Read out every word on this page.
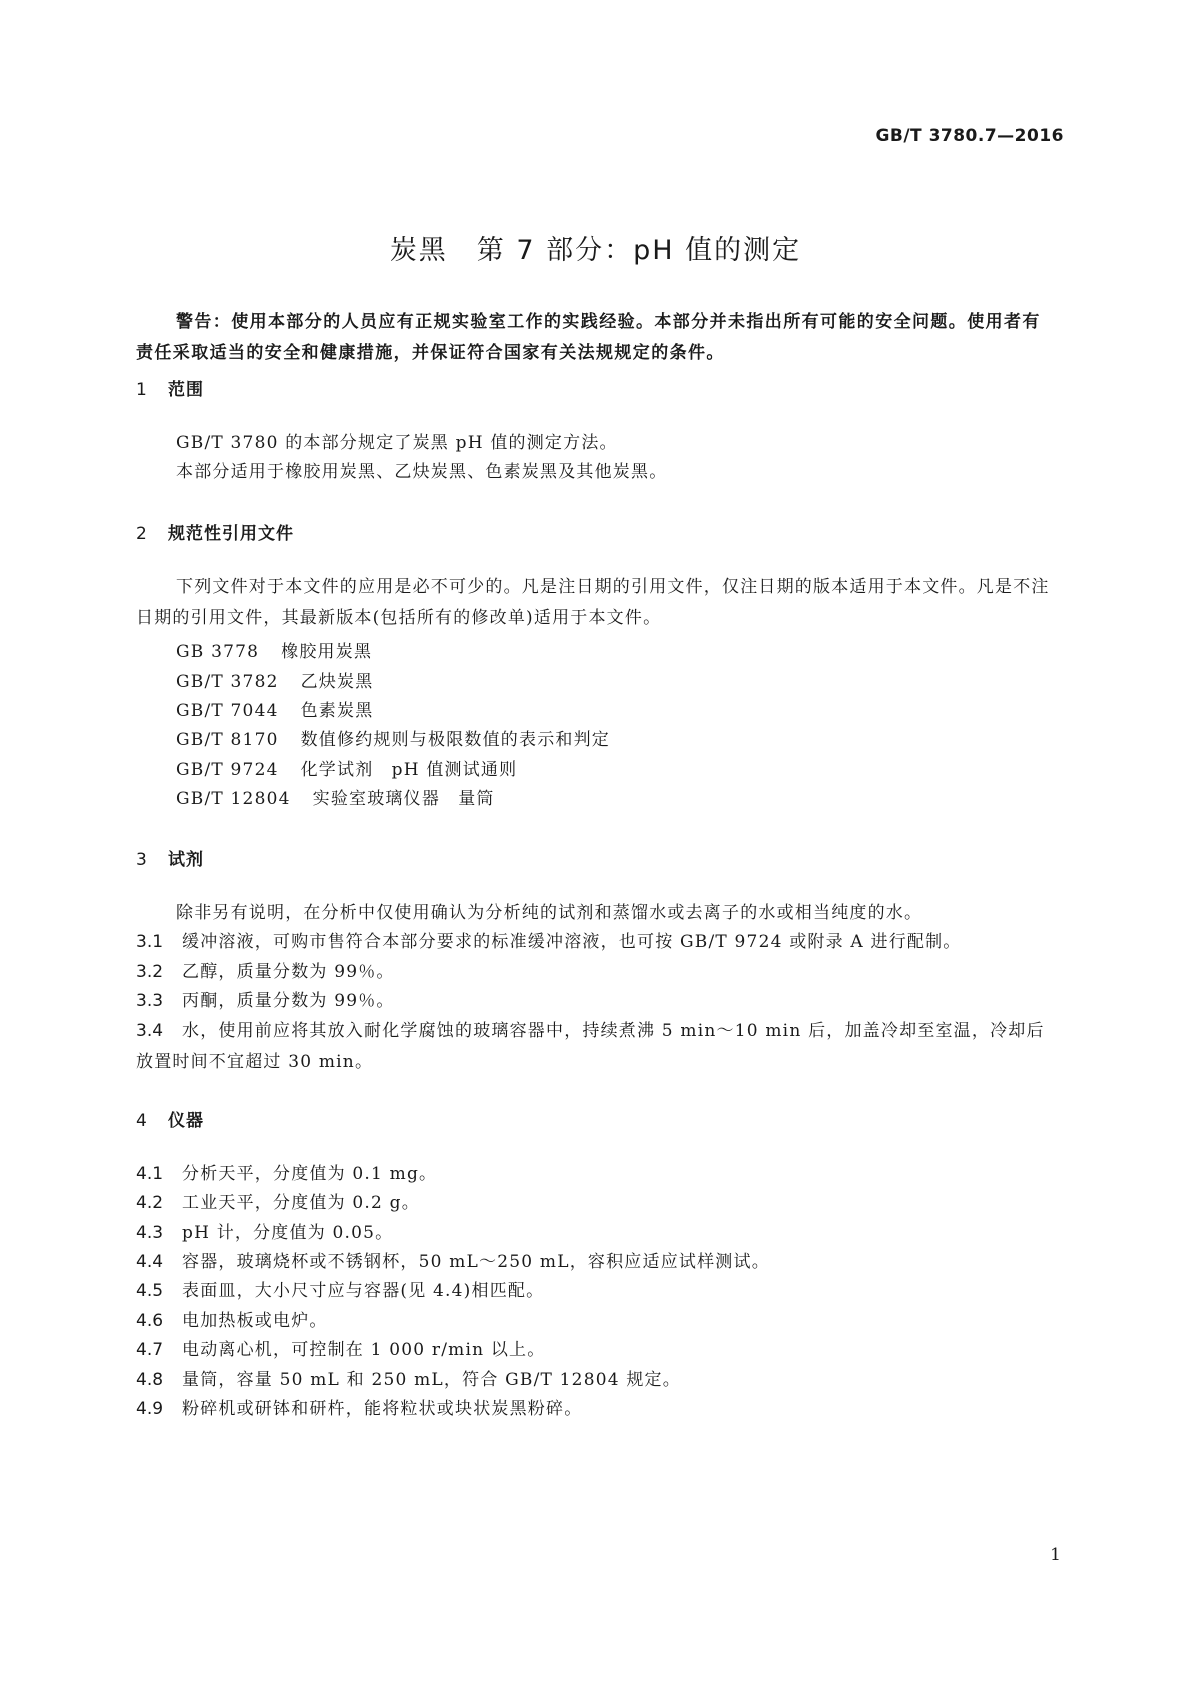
GB/T 3780.7—2016
炭黑　第 7 部分：pH 值的测定
警告：使用本部分的人员应有正规实验室工作的实践经验。本部分并未指出所有可能的安全问题。使用者有责任采取适当的安全和健康措施，并保证符合国家有关法规规定的条件。
1 范围
GB/T 3780 的本部分规定了炭黑 pH 值的测定方法。
本部分适用于橡胶用炭黑、乙炔炭黑、色素炭黑及其他炭黑。
2 规范性引用文件
下列文件对于本文件的应用是必不可少的。凡是注日期的引用文件，仅注日期的版本适用于本文件。凡是不注日期的引用文件，其最新版本(包括所有的修改单)适用于本文件。
GB 3778 橡胶用炭黑
GB/T 3782 乙炔炭黑
GB/T 7044 色素炭黑
GB/T 8170 数值修约规则与极限数值的表示和判定
GB/T 9724 化学试剂　pH 值测试通则
GB/T 12804 实验室玻璃仪器　量筒
3 试剂
除非另有说明，在分析中仅使用确认为分析纯的试剂和蒸馏水或去离子的水或相当纯度的水。
3.1 缓冲溶液，可购市售符合本部分要求的标准缓冲溶液，也可按 GB/T 9724 或附录 A 进行配制。
3.2 乙醇，质量分数为 99％。
3.3 丙酮，质量分数为 99％。
3.4 水，使用前应将其放入耐化学腐蚀的玻璃容器中，持续煮沸 5 min～10 min 后，加盖冷却至室温，冷却后放置时间不宜超过 30 min。
4 仪器
4.1 分析天平，分度值为 0.1 mg。
4.2 工业天平，分度值为 0.2 g。
4.3 pH 计，分度值为 0.05。
4.4 容器，玻璃烧杯或不锈钢杯，50 mL～250 mL，容积应适应试样测试。
4.5 表面皿，大小尺寸应与容器(见 4.4)相匹配。
4.6 电加热板或电炉。
4.7 电动离心机，可控制在 1 000 r/min 以上。
4.8 量筒，容量 50 mL 和 250 mL，符合 GB/T 12804 规定。
4.9 粉碎机或研钵和研杵，能将粒状或块状炭黑粉碎。
1
